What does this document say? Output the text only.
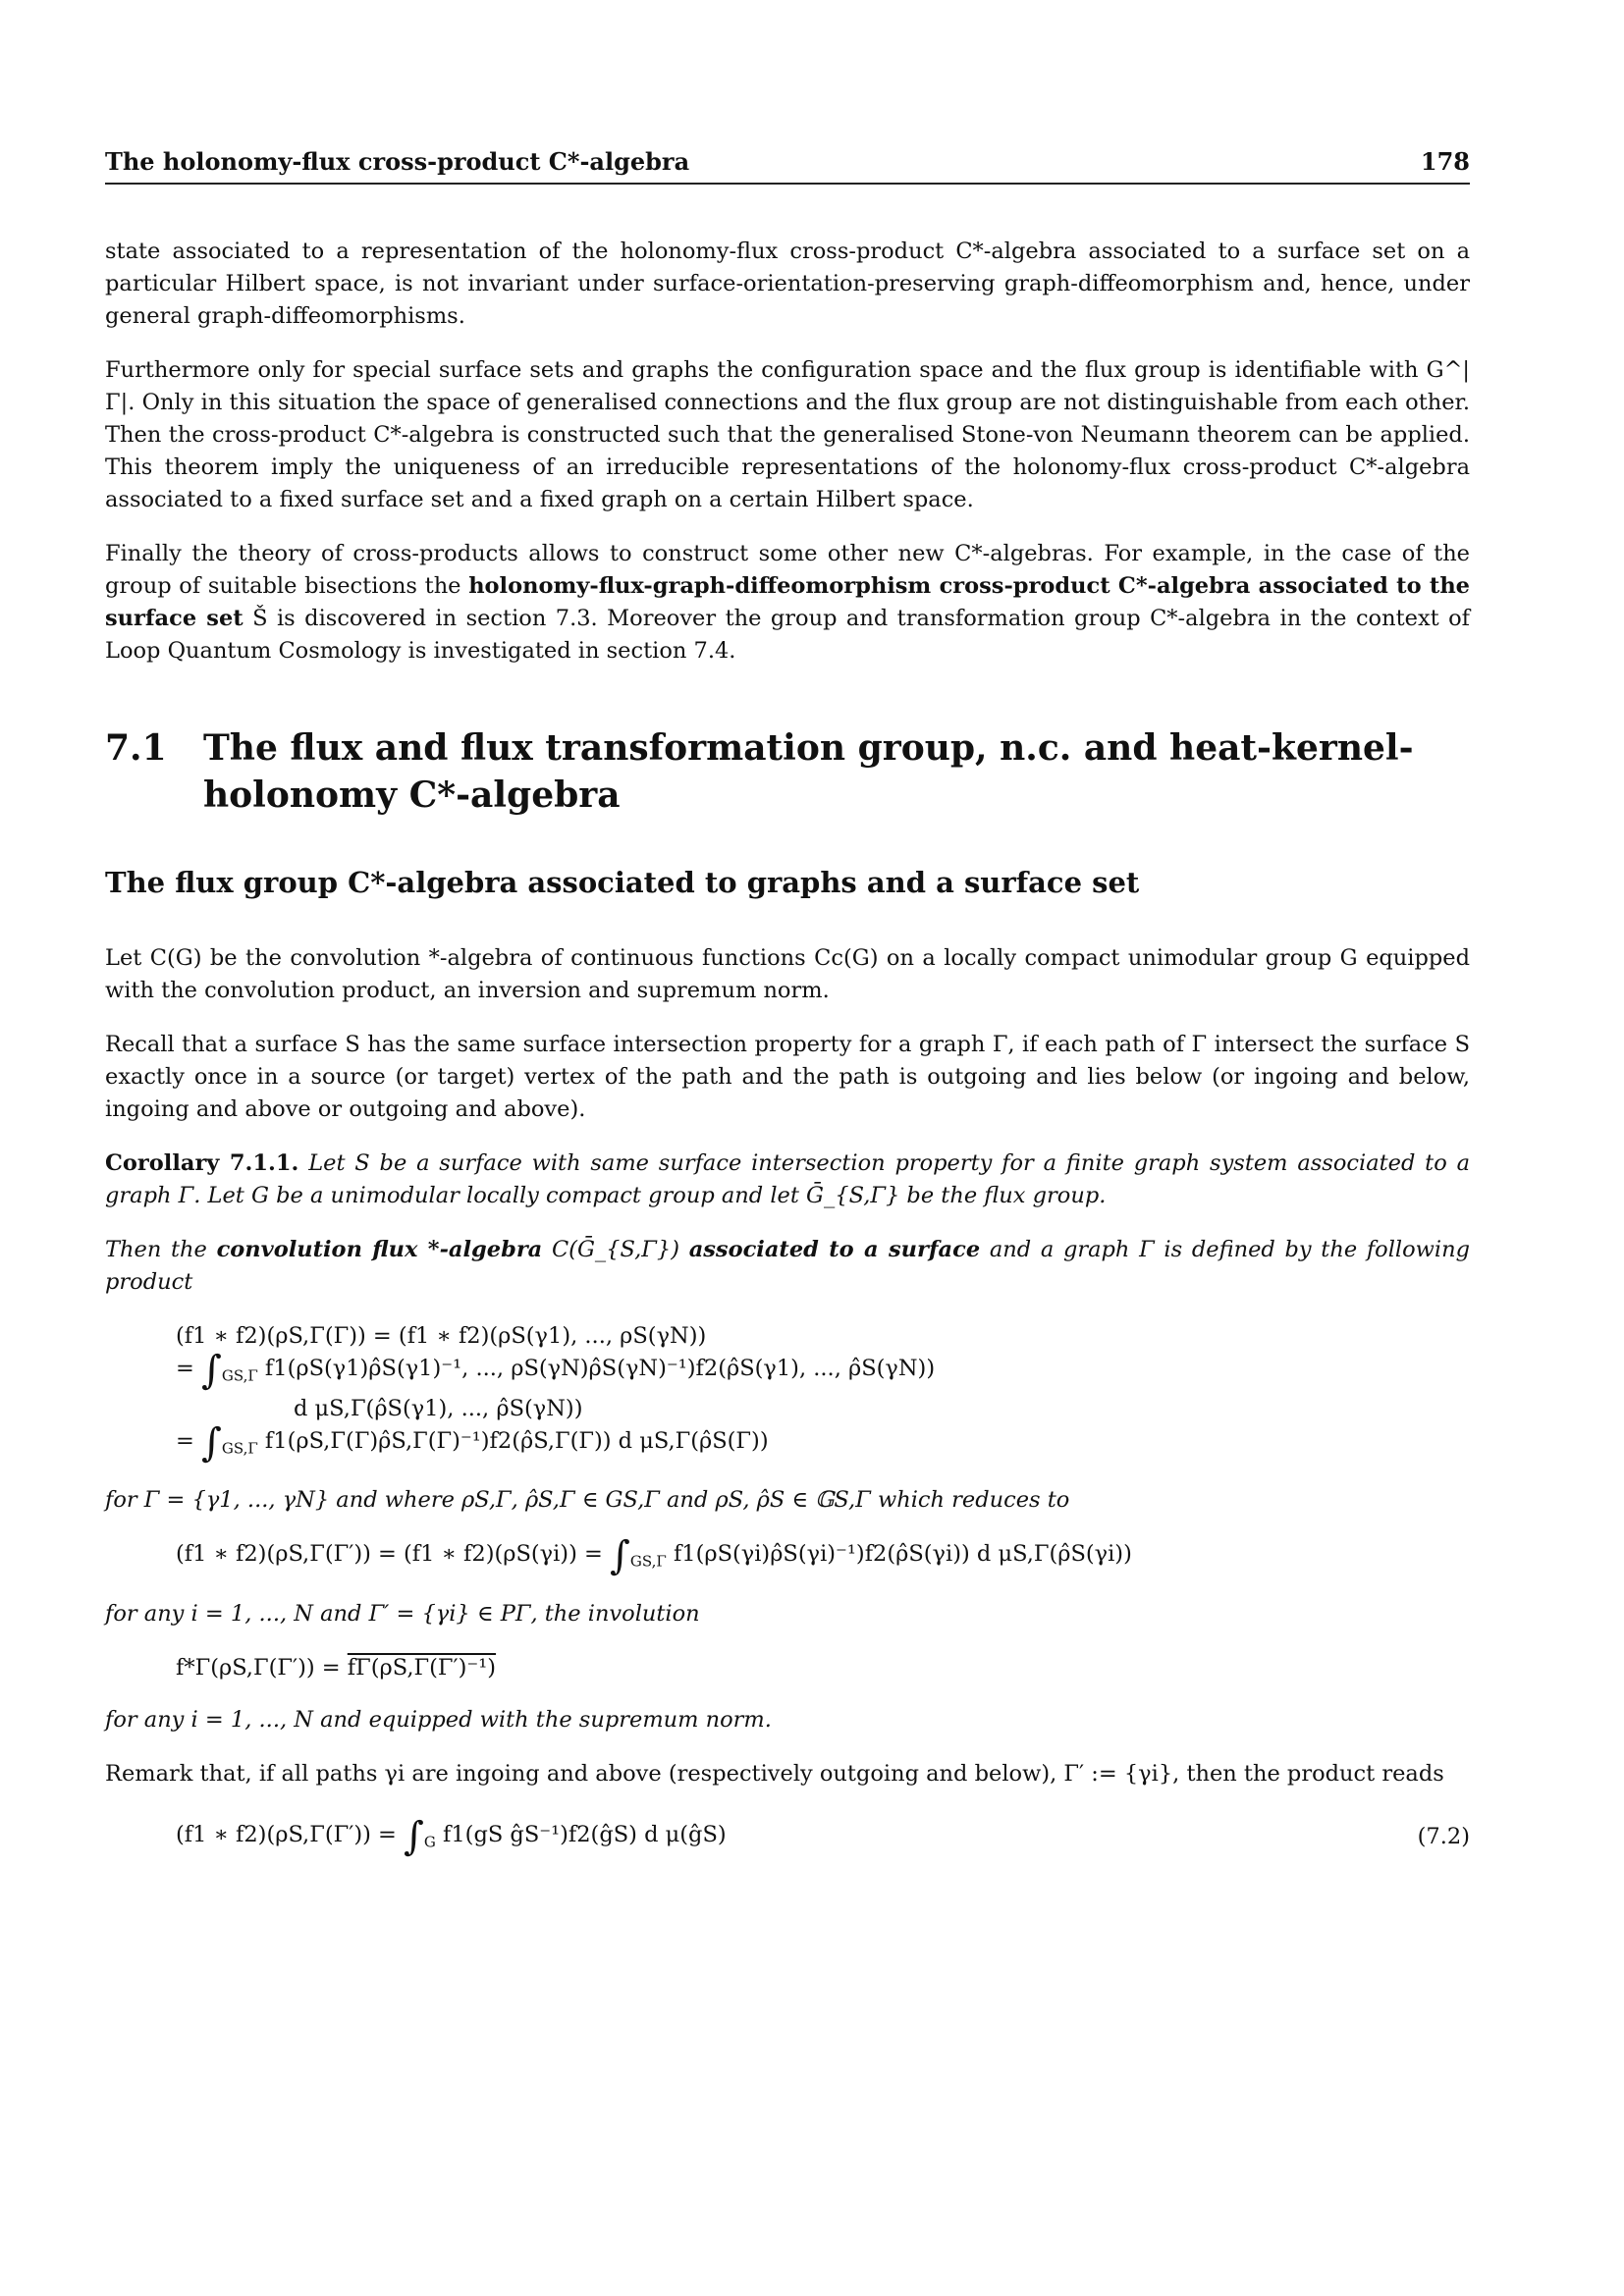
The holonomy-flux cross-product C*-algebra	178

state associated to a representation of the holonomy-flux cross-product C*-algebra associated to a surface set on a particular Hilbert space, is not invariant under surface-orientation-preserving graph-diffeomorphism and, hence, under general graph-diffeomorphisms.

Furthermore only for special surface sets and graphs the configuration space and the flux group is identifiable with G^|Γ|. Only in this situation the space of generalised connections and the flux group are not distinguishable from each other. Then the cross-product C*-algebra is constructed such that the generalised Stone-von Neumann theorem can be applied. This theorem imply the uniqueness of an irreducible representations of the holonomy-flux cross-product C*-algebra associated to a fixed surface set and a fixed graph on a certain Hilbert space.

Finally the theory of cross-products allows to construct some other new C*-algebras. For example, in the case of the group of suitable bisections the holonomy-flux-graph-diffeomorphism cross-product C*-algebra associated to the surface set Š is discovered in section 7.3. Moreover the group and transformation group C*-algebra in the context of Loop Quantum Cosmology is investigated in section 7.4.

7.1	The flux and flux transformation group, n.c. and heat-kernel-holonomy C*-algebra
The flux group C*-algebra associated to graphs and a surface set

Let C(G) be the convolution *-algebra of continuous functions Cc(G) on a locally compact unimodular group G equipped with the convolution product, an inversion and supremum norm.

Recall that a surface S has the same surface intersection property for a graph Γ, if each path of Γ intersect the surface S exactly once in a source (or target) vertex of the path and the path is outgoing and lies below (or ingoing and below, ingoing and above or outgoing and above).

Corollary 7.1.1. Let S be a surface with same surface intersection property for a finite graph system associated to a graph Γ. Let G be a unimodular locally compact group and let Ḡ_{S,Γ} be the flux group.

Then the convolution flux *-algebra C(Ḡ_{S,Γ}) associated to a surface and a graph Γ is defined by the following product

(f1 ∗ f2)(ρS,Γ(Γ)) = (f1 ∗ f2)(ρS(γ1), ..., ρS(γN))
= $\int_{GS,\Gamma}$ f1(ρS(γ1)ρ̂S(γ1)⁻¹, ..., ρS(γN)ρ̂S(γN)⁻¹)f2(ρ̂S(γ1), ..., ρ̂S(γN))
d μS,Γ(ρ̂S(γ1), ..., ρ̂S(γN))
= $\int_{GS,\Gamma}$ f1(ρS,Γ(Γ)ρ̂S,Γ(Γ)⁻¹)f2(ρ̂S,Γ(Γ)) d μS,Γ(ρ̂S(Γ))

for Γ = {γ1, ..., γN} and where ρS,Γ, ρ̂S,Γ ∈ GS,Γ and ρS, ρ̂S ∈ 𝔾S,Γ which reduces to

(f1 ∗ f2)(ρS,Γ(Γ′)) = (f1 ∗ $f2)(\rho S(\gamma i)) = \int_{GS,\Gamma}$ f1(ρS(γi)ρ̂S(γi)⁻¹)f2(ρ̂S(γi)) d μS,Γ(ρ̂S(γi))

for any i = 1, ..., N and Γ′ = {γi} ∈ PΓ, the involution

f*Γ(ρS,Γ(Γ′)) = fΓ(ρS,Γ(Γ′)⁻¹)

for any i = 1, ..., N and equipped with the supremum norm.

Remark that, if all paths γi are ingoing and above (respectively outgoing and below), Γ′ := {γi}, then the product reads

(f1 ∗ $f2)(\rho S,\Gamma(\Gamma')) = \int_G$ f1(gS ĝS⁻¹)f2(ĝS) d μ(ĝS)	(7.2)
